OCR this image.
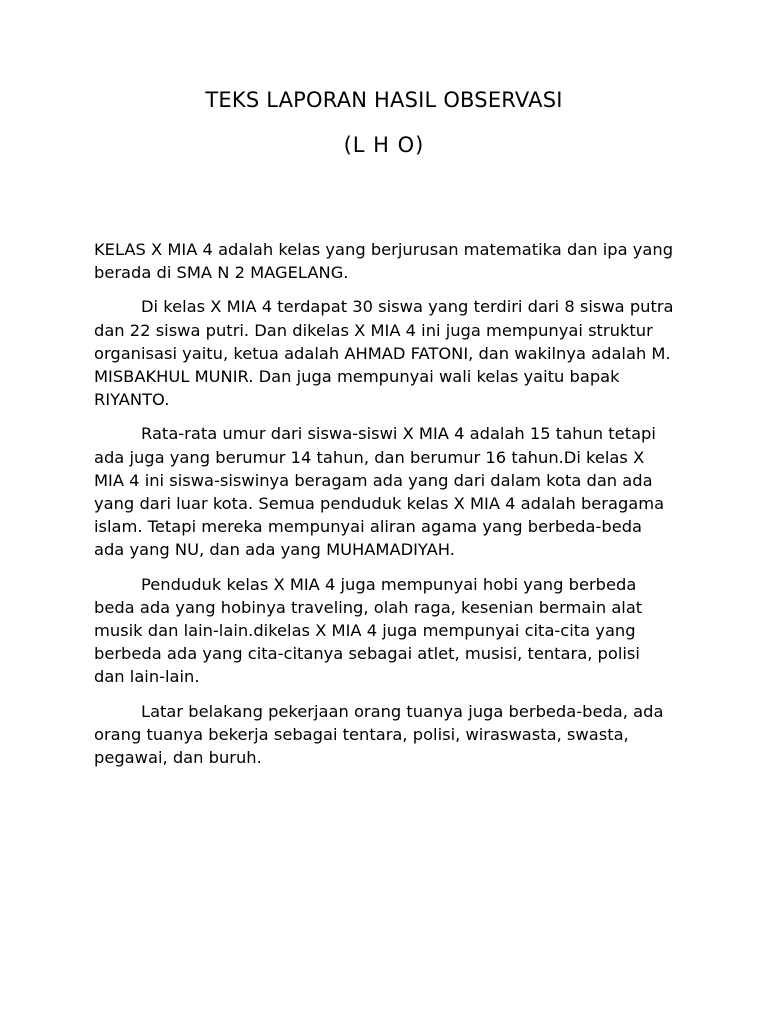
TEKS LAPORAN HASIL OBSERVASI
(L H O)

KELAS X MIA 4 adalah kelas yang berjurusan matematika dan ipa yang berada di SMA N 2 MAGELANG.

Di kelas X MIA 4 terdapat 30 siswa yang terdiri dari 8 siswa putra dan 22 siswa putri. Dan dikelas X MIA 4 ini juga mempunyai struktur organisasi yaitu, ketua adalah AHMAD FATONI, dan wakilnya adalah M. MISBAKHUL MUNIR. Dan juga mempunyai wali kelas yaitu bapak RIYANTO.

Rata-rata umur dari siswa-siswi X MIA 4 adalah 15 tahun tetapi ada juga yang berumur 14 tahun, dan berumur 16 tahun.Di kelas X MIA 4 ini siswa-siswinya beragam ada yang dari dalam kota dan ada yang dari luar kota. Semua penduduk kelas X MIA 4 adalah beragama islam. Tetapi mereka mempunyai aliran agama yang berbeda-beda ada yang NU, dan ada yang MUHAMADIYAH.

Penduduk kelas X MIA 4 juga mempunyai hobi yang berbeda beda ada yang hobinya traveling, olah raga, kesenian bermain alat musik dan lain-lain.dikelas X MIA 4 juga mempunyai cita-cita yang berbeda ada yang cita-citanya sebagai atlet, musisi, tentara, polisi dan lain-lain.

Latar belakang pekerjaan orang tuanya juga berbeda-beda, ada orang tuanya bekerja sebagai tentara, polisi, wiraswasta, swasta, pegawai, dan buruh.
